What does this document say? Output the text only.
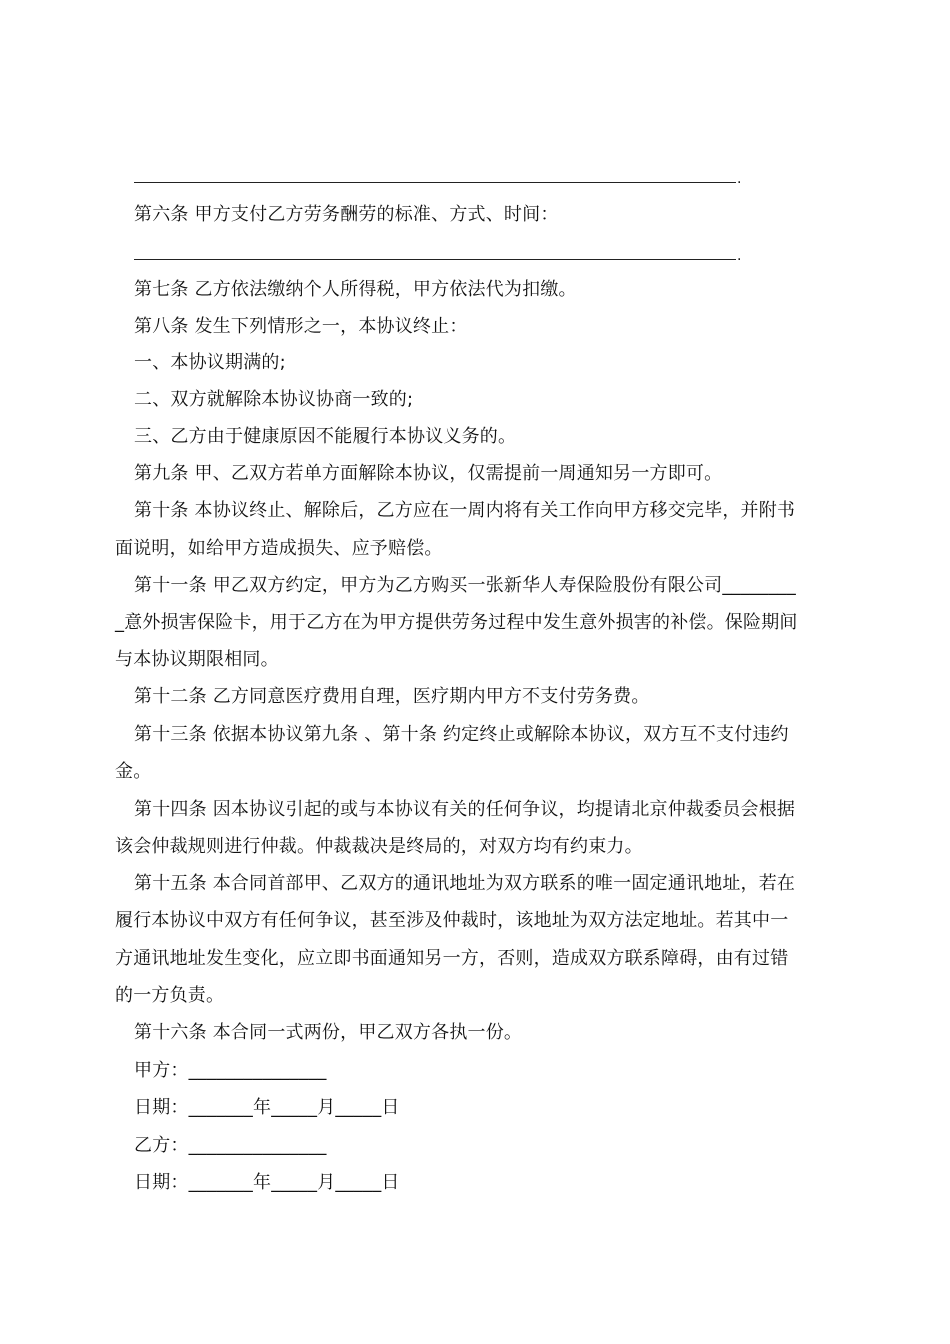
.
第六条 甲方支付乙方劳务酬劳的标准、方式、时间：
.
第七条 乙方依法缴纳个人所得税，甲方依法代为扣缴。
第八条 发生下列情形之一，本协议终止：
一、本协议期满的;
二、双方就解除本协议协商一致的;
三、乙方由于健康原因不能履行本协议义务的。
第九条 甲、乙双方若单方面解除本协议，仅需提前一周通知另一方即可。
第十条 本协议终止、解除后，乙方应在一周内将有关工作向甲方移交完毕，并附书
面说明，如给甲方造成损失、应予赔偿。
第十一条 甲乙双方约定，甲方为乙方购买一张新华人寿保险股份有限公司________
_意外损害保险卡，用于乙方在为甲方提供劳务过程中发生意外损害的补偿。保险期间
与本协议期限相同。
第十二条 乙方同意医疗费用自理，医疗期内甲方不支付劳务费。
第十三条 依据本协议第九条 、第十条 约定终止或解除本协议，双方互不支付违约
金。
第十四条 因本协议引起的或与本协议有关的任何争议，均提请北京仲裁委员会根据
该会仲裁规则进行仲裁。仲裁裁决是终局的，对双方均有约束力。
第十五条 本合同首部甲、乙双方的通讯地址为双方联系的唯一固定通讯地址，若在
履行本协议中双方有任何争议，甚至涉及仲裁时，该地址为双方法定地址。若其中一
方通讯地址发生变化，应立即书面通知另一方，否则，造成双方联系障碍，由有过错
的一方负责。
第十六条 本合同一式两份，甲乙双方各执一份。
甲方：_______________
日期：_______年_____月_____日
乙方：_______________
日期：_______年_____月_____日
